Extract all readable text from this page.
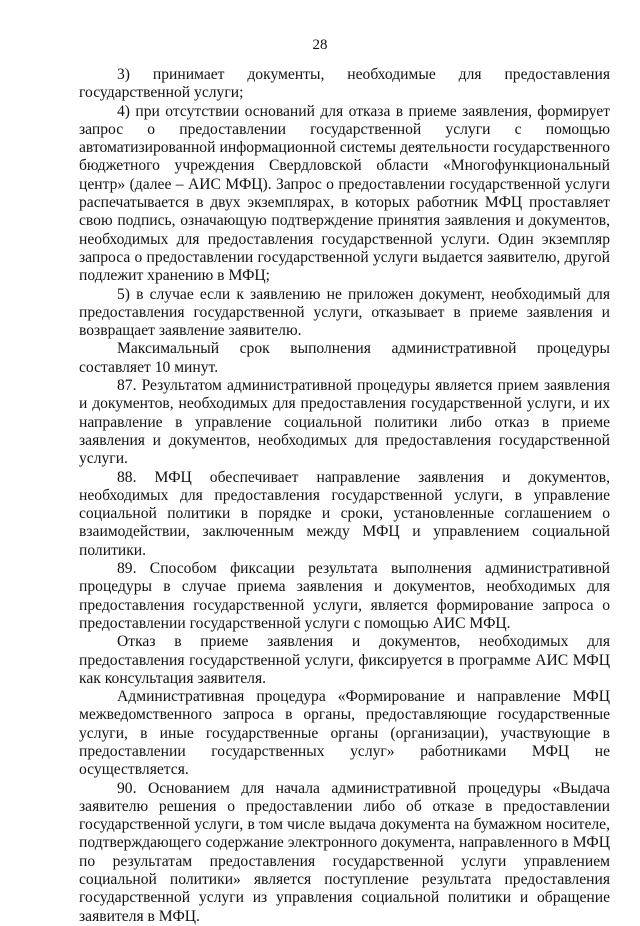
28

3) принимает документы, необходимые для предоставления государственной услуги;

4) при отсутствии оснований для отказа в приеме заявления, формирует запрос о предоставлении государственной услуги с помощью автоматизированной информационной системы деятельности государственного бюджетного учреждения Свердловской области «Многофункциональный центр» (далее – АИС МФЦ). Запрос о предоставлении государственной услуги распечатывается в двух экземплярах, в которых работник МФЦ проставляет свою подпись, означающую подтверждение принятия заявления и документов, необходимых для предоставления государственной услуги. Один экземпляр запроса о предоставлении государственной услуги выдается заявителю, другой подлежит хранению в МФЦ;

5) в случае если к заявлению не приложен документ, необходимый для предоставления государственной услуги, отказывает в приеме заявления и возвращает заявление заявителю.

Максимальный срок выполнения административной процедуры составляет 10 минут.

87. Результатом административной процедуры является прием заявления и документов, необходимых для предоставления государственной услуги, и их направление в управление социальной политики либо отказ в приеме заявления и документов, необходимых для предоставления государственной услуги.

88. МФЦ обеспечивает направление заявления и документов, необходимых для предоставления государственной услуги, в управление социальной политики в порядке и сроки, установленные соглашением о взаимодействии, заключенным между МФЦ и управлением социальной политики.

89. Способом фиксации результата выполнения административной процедуры в случае приема заявления и документов, необходимых для предоставления государственной услуги, является формирование запроса о предоставлении государственной услуги с помощью АИС МФЦ.

Отказ в приеме заявления и документов, необходимых для предоставления государственной услуги, фиксируется в программе АИС МФЦ как консультация заявителя.

Административная процедура «Формирование и направление МФЦ межведомственного запроса в органы, предоставляющие государственные услуги, в иные государственные органы (организации), участвующие в предоставлении государственных услуг» работниками МФЦ не осуществляется.

90. Основанием для начала административной процедуры «Выдача заявителю решения о предоставлении либо об отказе в предоставлении государственной услуги, в том числе выдача документа на бумажном носителе, подтверждающего содержание электронного документа, направленного в МФЦ по результатам предоставления государственной услуги управлением социальной политики» является поступление результата предоставления государственной услуги из управления социальной политики и обращение заявителя в МФЦ.
